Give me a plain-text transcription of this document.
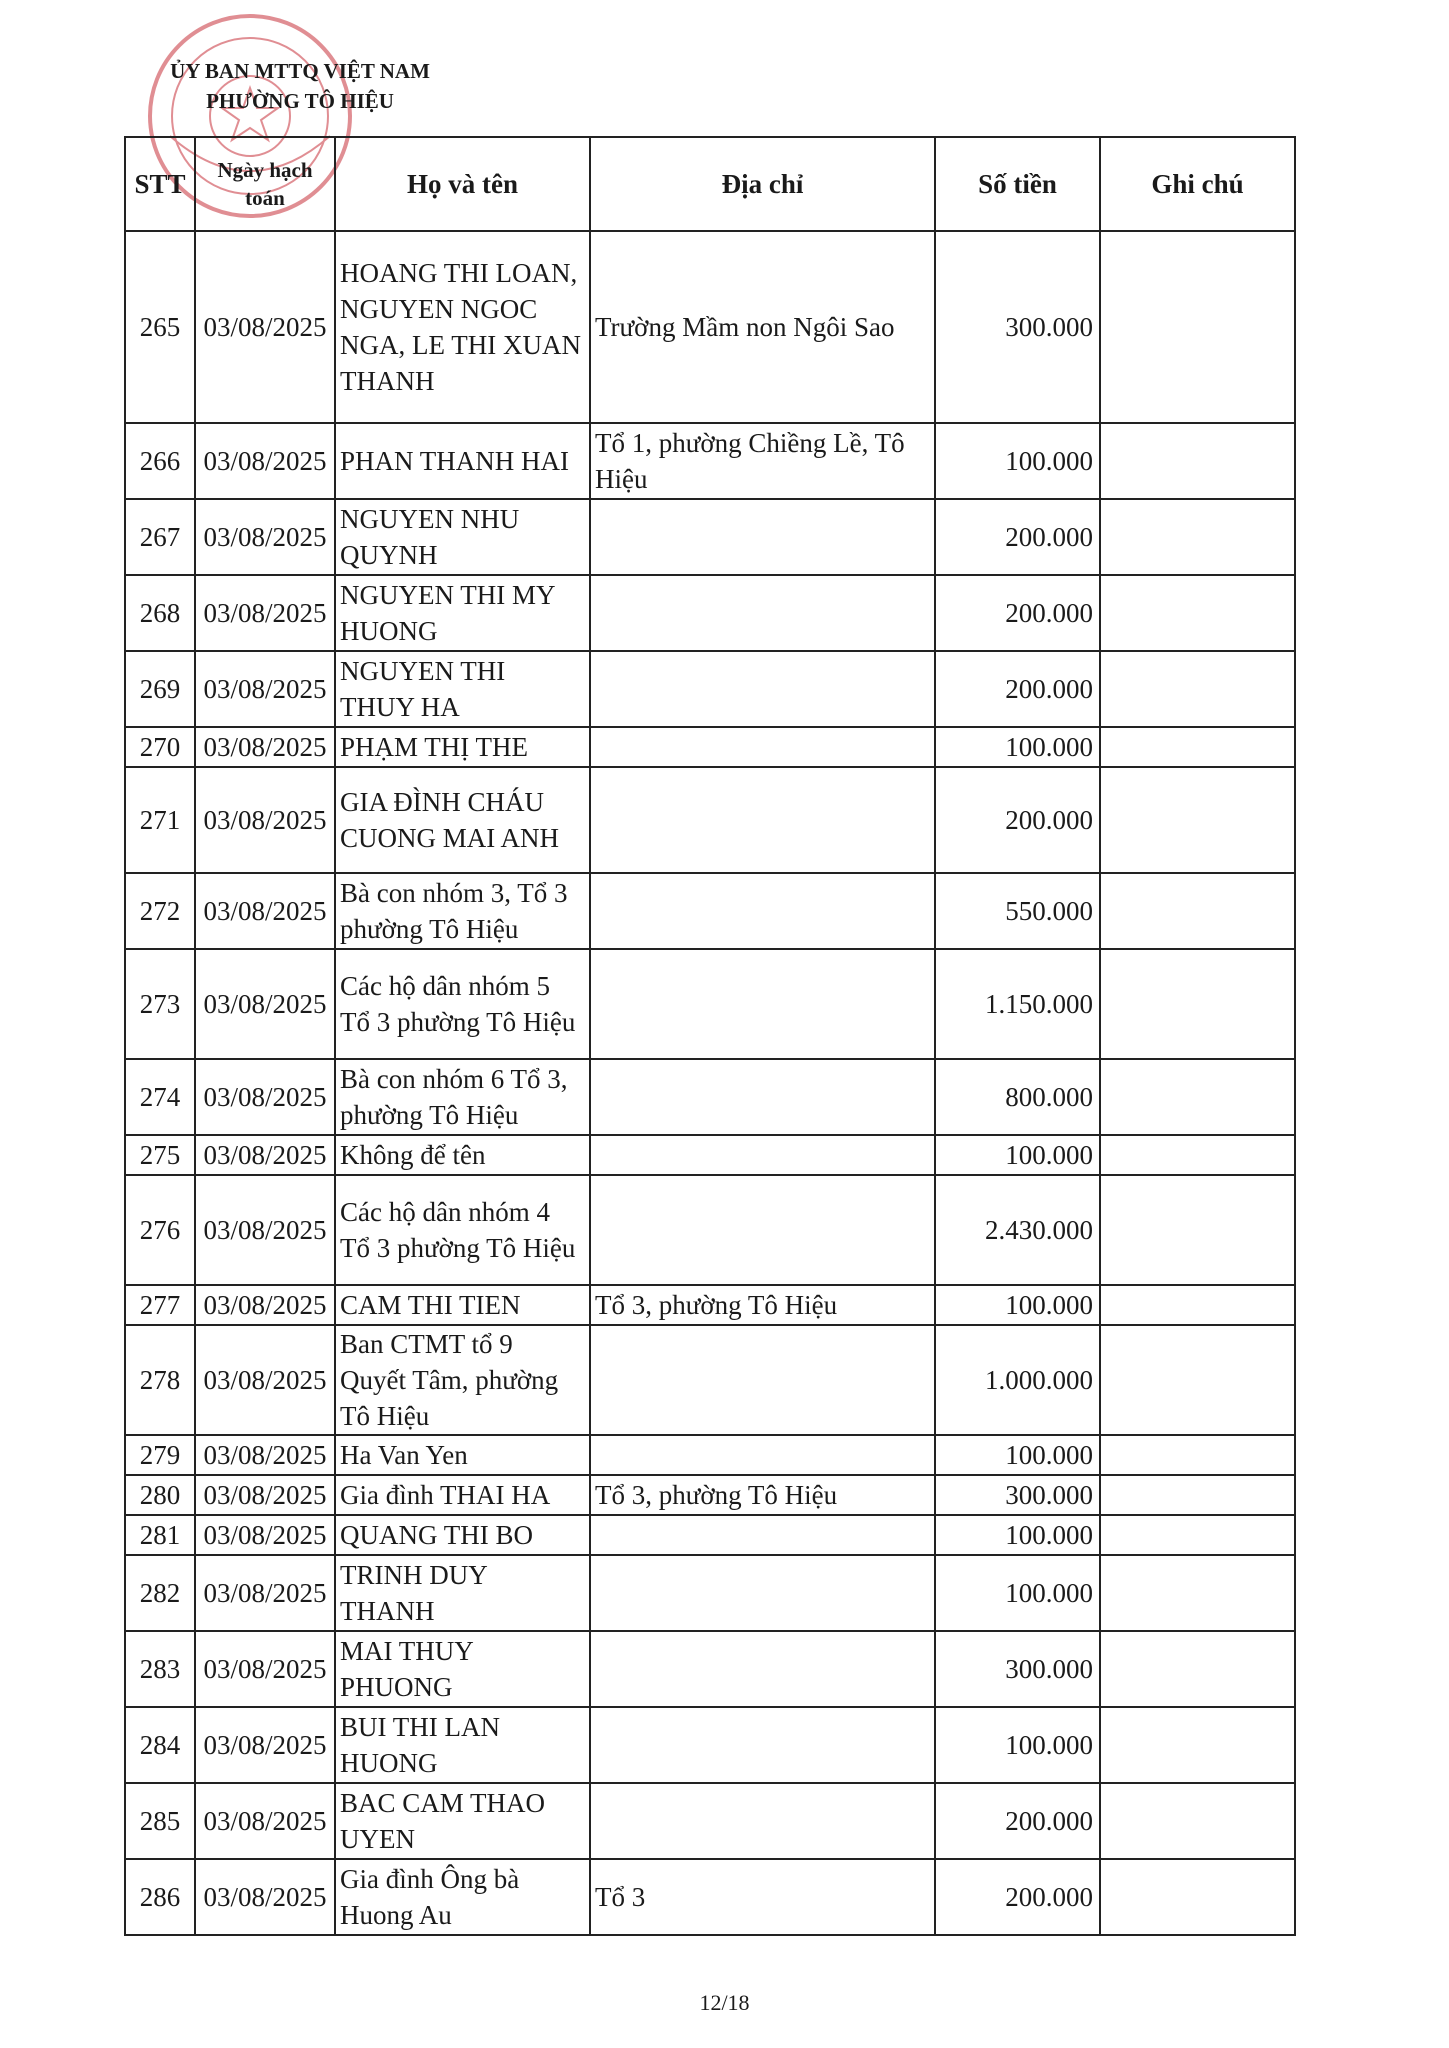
ỦY BAN MTTQ VIỆT NAM
PHƯỜNG TÔ HIỆU
STT	Ngày hạch toán	Họ và tên	Địa chỉ	Số tiền	Ghi chú
265	03/08/2025	HOANG THI LOAN, NGUYEN NGOC NGA, LE THI XUAN THANH	Trường Mầm non Ngôi Sao	300.000	
266	03/08/2025	PHAN THANH HAI	Tổ 1, phường Chiềng Lề, Tô Hiệu	100.000	
267	03/08/2025	NGUYEN NHU QUYNH		200.000	
268	03/08/2025	NGUYEN THI MY HUONG		200.000	
269	03/08/2025	NGUYEN THI THUY HA		200.000	
270	03/08/2025	PHẠM THỊ THE		100.000	
271	03/08/2025	GIA ĐÌNH CHÁU CUONG MAI ANH		200.000	
272	03/08/2025	Bà con nhóm 3, Tổ 3 phường Tô Hiệu		550.000	
273	03/08/2025	Các hộ dân nhóm 5 Tổ 3 phường Tô Hiệu		1.150.000	
274	03/08/2025	Bà con nhóm 6 Tổ 3, phường Tô Hiệu		800.000	
275	03/08/2025	Không để tên		100.000	
276	03/08/2025	Các hộ dân nhóm 4 Tổ 3 phường Tô Hiệu		2.430.000	
277	03/08/2025	CAM THI TIEN	Tổ 3, phường Tô Hiệu	100.000	
278	03/08/2025	Ban CTMT tổ 9 Quyết Tâm, phường Tô Hiệu		1.000.000	
279	03/08/2025	Ha Van Yen		100.000	
280	03/08/2025	Gia đình THAI HA	Tổ 3, phường Tô Hiệu	300.000	
281	03/08/2025	QUANG THI BO		100.000	
282	03/08/2025	TRINH DUY THANH		100.000	
283	03/08/2025	MAI THUY PHUONG		300.000	
284	03/08/2025	BUI THI LAN HUONG		100.000	
285	03/08/2025	BAC CAM THAO UYEN		200.000	
286	03/08/2025	Gia đình Ông bà Huong Au	Tổ 3	200.000	
12/18
